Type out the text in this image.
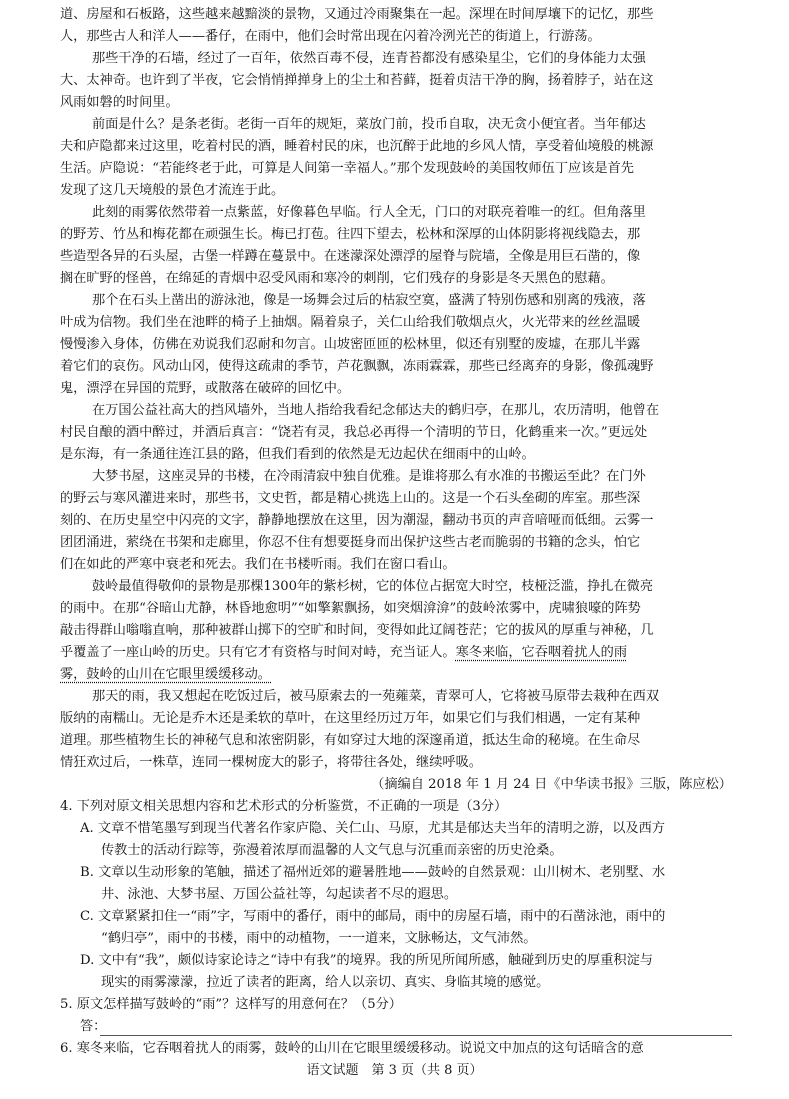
道、房屋和石板路，这些越来越黯淡的景物，又通过冷雨聚集在一起。深埋在时间厚壤下的记忆，那些
人，那些古人和洋人——番仔，在雨中，他们会时常出现在闪着冷洌光芒的街道上，行游荡。
那些干净的石墙，经过了一百年，依然百毒不侵，连青苔都没有感染星尘，它们的身体能力太强
大、太神奇。也许到了半夜，它会悄悄掸掸身上的尘土和苔藓，挺着贞洁干净的胸，扬着脖子，站在这
风雨如磐的时间里。
前面是什么？是条老街。老街一百年的规矩，菜放门前，投币自取，决无贪小便宜者。当年郁达
夫和庐隐都来过这里，吃着村民的酒，睡着村民的床，也沉醉于此地的乡风人情，享受着仙境般的桃源
生活。庐隐说：“若能终老于此，可算是人间第一幸福人。”那个发现鼓岭的美国牧师伍丁应该是首先
发现了这几天境般的景色才流连于此。
此刻的雨雾依然带着一点紫蓝，好像暮色早临。行人全无，门口的对联亮着唯一的红。但角落里
的野芳、竹丛和梅花都在顽强生长。梅已打苞。往四下望去，松林和深厚的山体阴影将视线隐去，那
些造型各异的石头屋，古堡一样蹲在蔓景中。在迷濛深处漂浮的屋脊与院墙，全像是用巨石凿的，像
搁在旷野的怪兽，在绵延的青烟中忍受风雨和寒冷的刺削，它们残存的身影是冬天黑色的慰藉。
那个在石头上凿出的游泳池，像是一场舞会过后的枯寂空寞，盛满了特别伤感和别离的残液，落
叶成为信物。我们坐在池畔的椅子上抽烟。隔着泉子，关仁山给我们敬烟点火，火光带来的丝丝温暖
慢慢渗入身体，仿佛在劝说我们忍耐和勿言。山坡密匝匝的松林里，似还有别墅的废墟，在那儿半露
着它们的哀伤。风动山冈，使得这疏肃的季节，芦花飘飘，冻雨霖霖，那些已经离弃的身影，像孤魂野
鬼，漂浮在异国的荒野，或散落在破碎的回忆中。
在万国公益社高大的挡风墙外，当地人指给我看纪念郁达夫的鹤归亭，在那儿，农历清明，他曾在
村民自酿的酒中醉过，并酒后真言：“饶若有灵，我总必再得一个清明的节日，化鹤重来一次。”更远处
是东海，有一条通往连江县的路，但我们看到的依然是无边起伏在细雨中的山岭。
大梦书屋，这座灵异的书楼，在冷雨清寂中独自优雅。是谁将那么有水准的书搬运至此？在门外
的野云与寒风灌进来时，那些书，文史哲，都是精心挑选上山的。这是一个石头垒砌的库室。那些深
刻的、在历史星空中闪亮的文字，静静地摆放在这里，因为潮湿，翻动书页的声音喑哑而低细。云雾一
团团涌进，萦绕在书架和走廊里，你忍不住有想要挺身而出保护这些古老而脆弱的书籍的念头，怕它
们在如此的严寒中衰老和死去。我们在书楼听雨。我们在窗口看山。
鼓岭最值得敬仰的景物是那棵1300年的紫杉树，它的体位占据宽大时空，枝桠泛滥，挣扎在微亮
的雨中。在那“谷暗山尤静，林昏地愈明”“如擎絮飘扬，如突烟渰渰”的鼓岭浓雾中，虎啸狼嚎的阵势
敲击得群山嗡嗡直响，那种被群山掷下的空旷和时间，变得如此辽阔苍茫；它的拔风的厚重与神秘，几
乎覆盖了一座山岭的历史。只有它才有资格与时间对峙，充当证人。寒冬来临，它吞咽着扰人的雨
雾，鼓岭的山川在它眼里缓缓移动。
那天的雨，我又想起在吃饭过后，被马原索去的一苑蕹菜，青翠可人，它将被马原带去栽种在西双
版纳的南糯山。无论是乔木还是柔软的草叶，在这里经历过万年，如果它们与我们相遇，一定有某种
道理。那些植物生长的神秘气息和浓密阴影，有如穿过大地的深邃甬道，抵达生命的秘境。在生命尽
情狂欢过后，一株草，连同一棵树庞大的影子，将带往各处，继续呼吸。
（摘编自 2018 年 1 月 24 日《中华读书报》三版，陈应松）
4. 下列对原文相关思想内容和艺术形式的分析鉴赏，不正确的一项是（3分）
A. 文章不惜笔墨写到现当代著名作家庐隐、关仁山、马原，尤其是郁达夫当年的清明之游，以及西方
传教士的活动行踪等，弥漫着浓厚而温馨的人文气息与沉重而亲密的历史沧桑。
B. 文章以生动形象的笔触，描述了福州近郊的避暑胜地——鼓岭的自然景观：山川树木、老别墅、水
井、泳池、大梦书屋、万国公益社等，勾起读者不尽的遐思。
C. 文章紧紧扣住一“雨”字，写雨中的番仔，雨中的邮局，雨中的房屋石墙，雨中的石凿泳池，雨中的
“鹤归亭”，雨中的书楼，雨中的动植物，一一道来，文脉畅达，文气沛然。
D. 文中有“我”，颇似诗家论诗之“诗中有我”的境界。我的所见所闻所感，触碰到历史的厚重积淀与
现实的雨雾濛濛，拉近了读者的距离，给人以亲切、真实、身临其境的感觉。
5. 原文怎样描写鼓岭的“雨”？这样写的用意何在？（5分）
答：
6. 寒冬来临，它吞咽着扰人的雨雾，鼓岭的山川在它眼里缓缓移动。说说文中加点的这句话暗含的意
语文试题　第 3 页（共 8 页）
